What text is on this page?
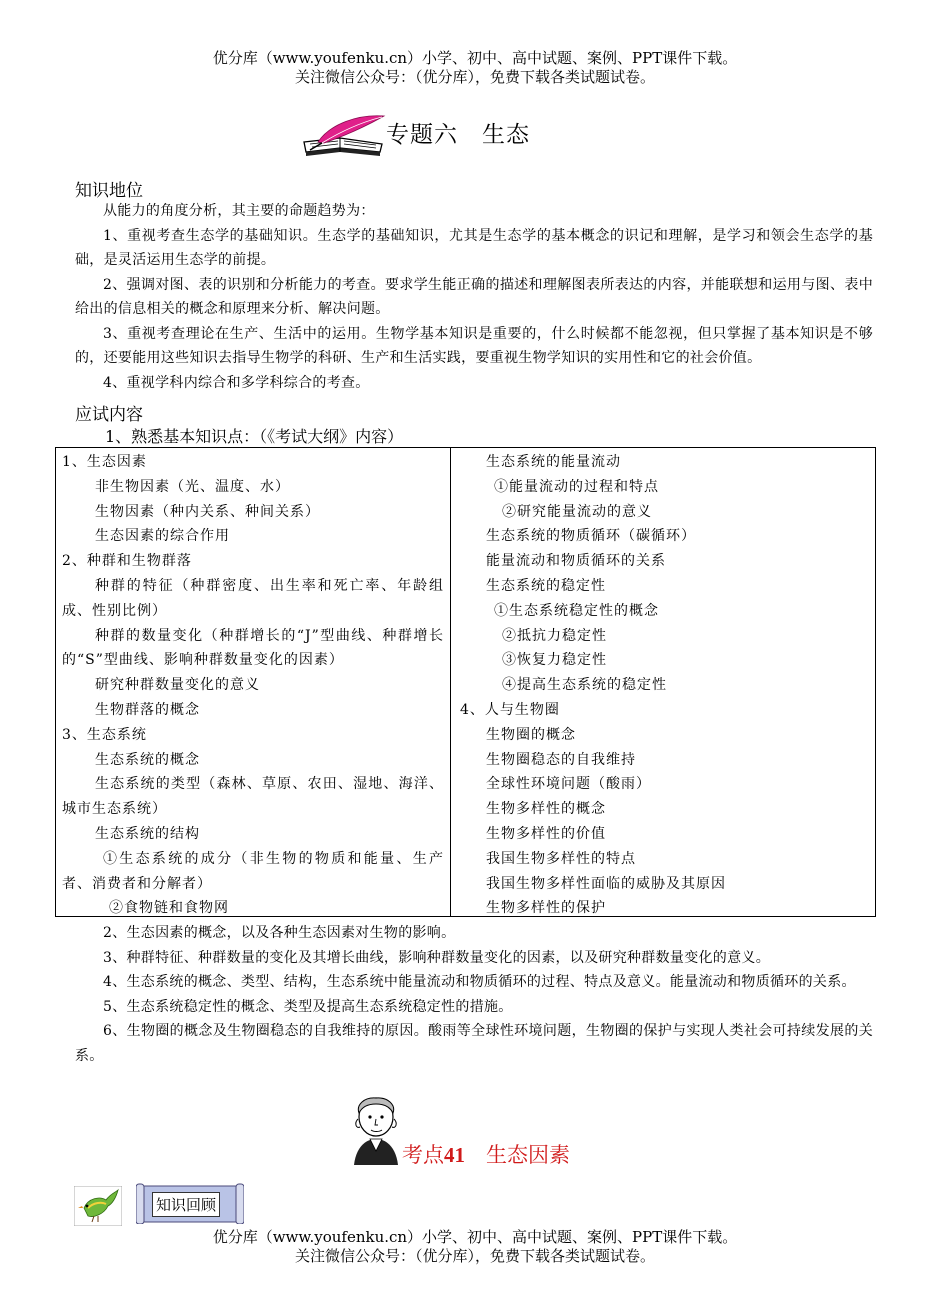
优分库（www.youfenku.cn）小学、初中、高中试题、案例、PPT课件下载。
关注微信公众号：（优分库），免费下载各类试题试卷。
专题六　生态
知识地位

从能力的角度分析，其主要的命题趋势为：

1、重视考查生态学的基础知识。生态学的基础知识，尤其是生态学的基本概念的识记和理解，是学习和领会生态学的基础，是灵活运用生态学的前提。

2、强调对图、表的识别和分析能力的考查。要求学生能正确的描述和理解图表所表达的内容，并能联想和运用与图、表中给出的信息相关的概念和原理来分析、解决问题。

3、重视考查理论在生产、生活中的运用。生物学基本知识是重要的，什么时候都不能忽视，但只掌握了基本知识是不够的，还要能用这些知识去指导生物学的科研、生产和生活实践，要重视生物学知识的实用性和它的社会价值。

4、重视学科内综合和多学科综合的考查。

应试内容
1、熟悉基本知识点：（《考试大纲》内容）
1、生态因素
非生物因素（光、温度、水）
生物因素（种内关系、种间关系）
生态因素的综合作用
2、种群和生物群落
种群的特征（种群密度、出生率和死亡率、年龄组成、性别比例）
种群的数量变化（种群增长的“J”型曲线、种群增长的“S”型曲线、影响种群数量变化的因素）
研究种群数量变化的意义
生物群落的概念
3、生态系统
生态系统的概念
生态系统的类型（森林、草原、农田、湿地、海洋、城市生态系统）
生态系统的结构
①生态系统的成分（非生物的物质和能量、生产者、消费者和分解者）
②食物链和食物网
生态系统的能量流动
①能量流动的过程和特点
②研究能量流动的意义
生态系统的物质循环（碳循环）
能量流动和物质循环的关系
生态系统的稳定性
①生态系统稳定性的概念
②抵抗力稳定性
③恢复力稳定性
④提高生态系统的稳定性
4、人与生物圈
生物圈的概念
生物圈稳态的自我维持
全球性环境问题（酸雨）
生物多样性的概念
生物多样性的价值
我国生物多样性的特点
我国生物多样性面临的威胁及其原因
生物多样性的保护

2、生态因素的概念，以及各种生态因素对生物的影响。

3、种群特征、种群数量的变化及其增长曲线，影响种群数量变化的因素，以及研究种群数量变化的意义。

4、生态系统的概念、类型、结构，生态系统中能量流动和物质循环的过程、特点及意义。能量流动和物质循环的关系。

5、生态系统稳定性的概念、类型及提高生态系统稳定性的措施。

6、生物圈的概念及生物圈稳态的自我维持的原因。酸雨等全球性环境问题，生物圈的保护与实现人类社会可持续发展的关系。

考点41　 生态因素
知识回顾
优分库（www.youfenku.cn）小学、初中、高中试题、案例、PPT课件下载。
关注微信公众号：（优分库），免费下载各类试题试卷。
